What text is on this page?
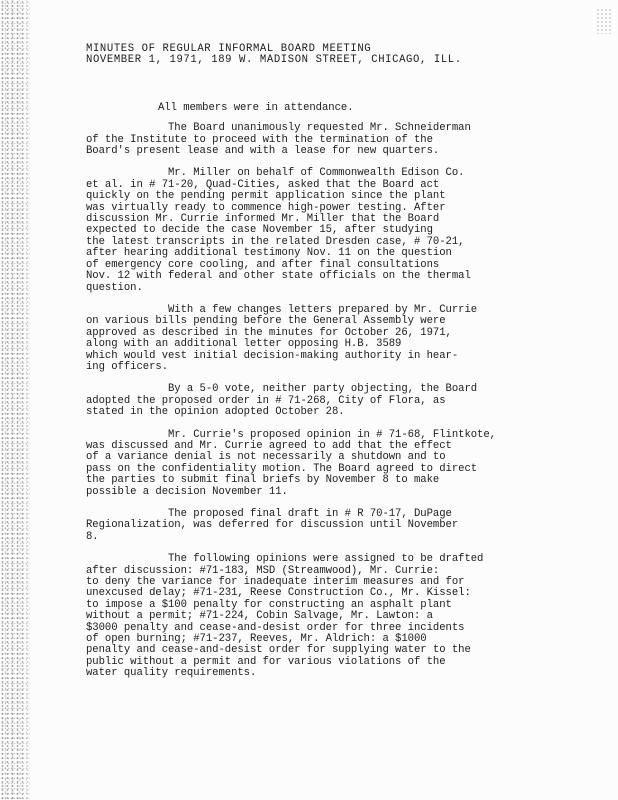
MINUTES OF REGULAR INFORMAL BOARD MEETING
NOVEMBER 1, 1971, 189 W. MADISON STREET, CHICAGO, ILL.

All members were in attendance.

The Board unanimously requested Mr. Schneiderman
of the Institute to proceed with the termination of the
Board's present lease and with a lease for new quarters.

Mr. Miller on behalf of Commonwealth Edison Co.
et al. in # 71-20, Quad-Cities, asked that the Board act
quickly on the pending permit application since the plant
was virtually ready to commence high-power testing. After
discussion Mr. Currie informed Mr. Miller that the Board
expected to decide the case November 15, after studying
the latest transcripts in the related Dresden case, # 70-21,
after hearing additional testimony Nov. 11 on the question
of emergency core cooling, and after final consultations
Nov. 12 with federal and other state officials on the thermal
question.

With a few changes letters prepared by Mr. Currie
on various bills pending before the General Assembly were
approved as described in the minutes for October 26, 1971,
along with an additional letter opposing H.B. 3589
which would vest initial decision-making authority in hear-
ing officers.

By a 5-0 vote, neither party objecting, the Board
adopted the proposed order in # 71-268, City of Flora, as
stated in the opinion adopted October 28.

Mr. Currie's proposed opinion in # 71-68, Flintkote,
was discussed and Mr. Currie agreed to add that the effect
of a variance denial is not necessarily a shutdown and to
pass on the confidentiality motion. The Board agreed to direct
the parties to submit final briefs by November 8 to make
possible a decision November 11.

The proposed final draft in # R 70-17, DuPage
Regionalization, was deferred for discussion until November
8.

The following opinions were assigned to be drafted
after discussion: #71-183, MSD (Streamwood), Mr. Currie:
to deny the variance for inadequate interim measures and for
unexcused delay; #71-231, Reese Construction Co., Mr. Kissel:
to impose a $100 penalty for constructing an asphalt plant
without a permit; #71-224, Cobin Salvage, Mr. Lawton: a
$3000 penalty and cease-and-desist order for three incidents
of open burning; #71-237, Reeves, Mr. Aldrich: a $1000
penalty and cease-and-desist order for supplying water to the
public without a permit and for various violations of the
water quality requirements.
